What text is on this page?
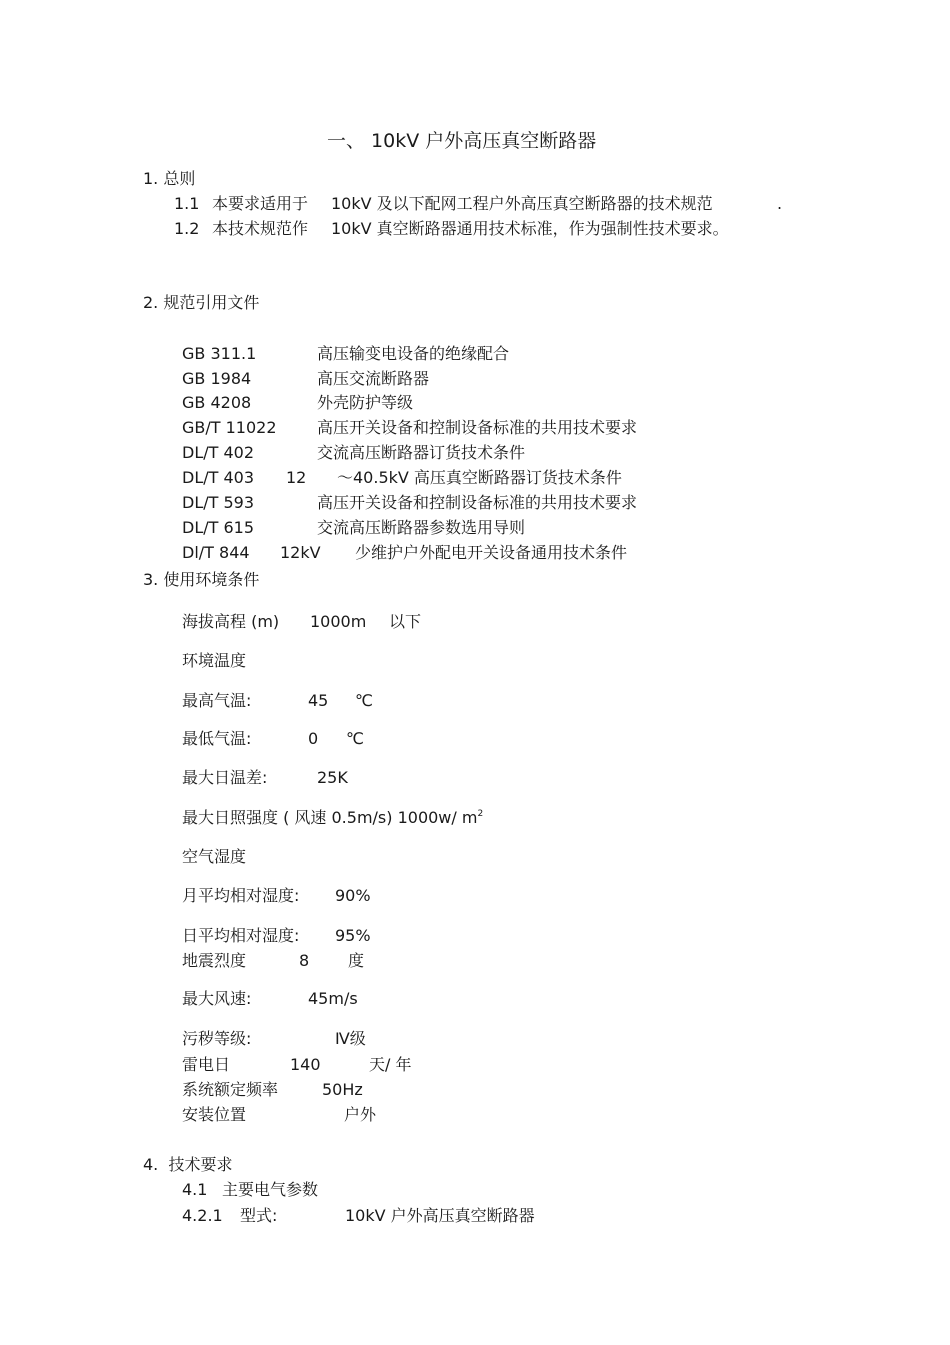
一、 10kV 户外高压真空断路器
1. 总则
1.1 本要求适用于 10kV 及以下配网工程户外高压真空断路器的技术规范	.
1.2 本技术规范作 10kV 真空断路器通用技术标准，作为强制性技术要求。
2. 规范引用文件
GB 311.1	高压输变电设备的绝缘配合
GB 1984	高压交流断路器
GB 4208	外壳防护等级
GB/T 11022	高压开关设备和控制设备标准的共用技术要求
DL/T 402	交流高压断路器订货技术条件
DL/T 403 12 ～40.5kV 高压真空断路器订货技术条件
DL/T 593	高压开关设备和控制设备标准的共用技术要求
DL/T 615	交流高压断路器参数选用导则
Dl/T 844 12kV 少维护户外配电开关设备通用技术条件
3. 使用环境条件
海拔高程 (m) 1000m 以下
环境温度
最高气温:	45 ℃
最低气温:	0 ℃
最大日温差:	25K
最大日照强度 ( 风速 0.5m/s) 1000w/ $m^2$
空气湿度
月平均相对湿度: 90%
日平均相对湿度: 95%
地震烈度	8 度
最大风速:	45m/s
污秽等级:	Ⅳ级
雷电日	140	天/ 年
系统额定频率	50Hz
安装位置	户外
4.  技术要求
4.1 主要电气参数
4.2.1 型式:	10kV 户外高压真空断路器
